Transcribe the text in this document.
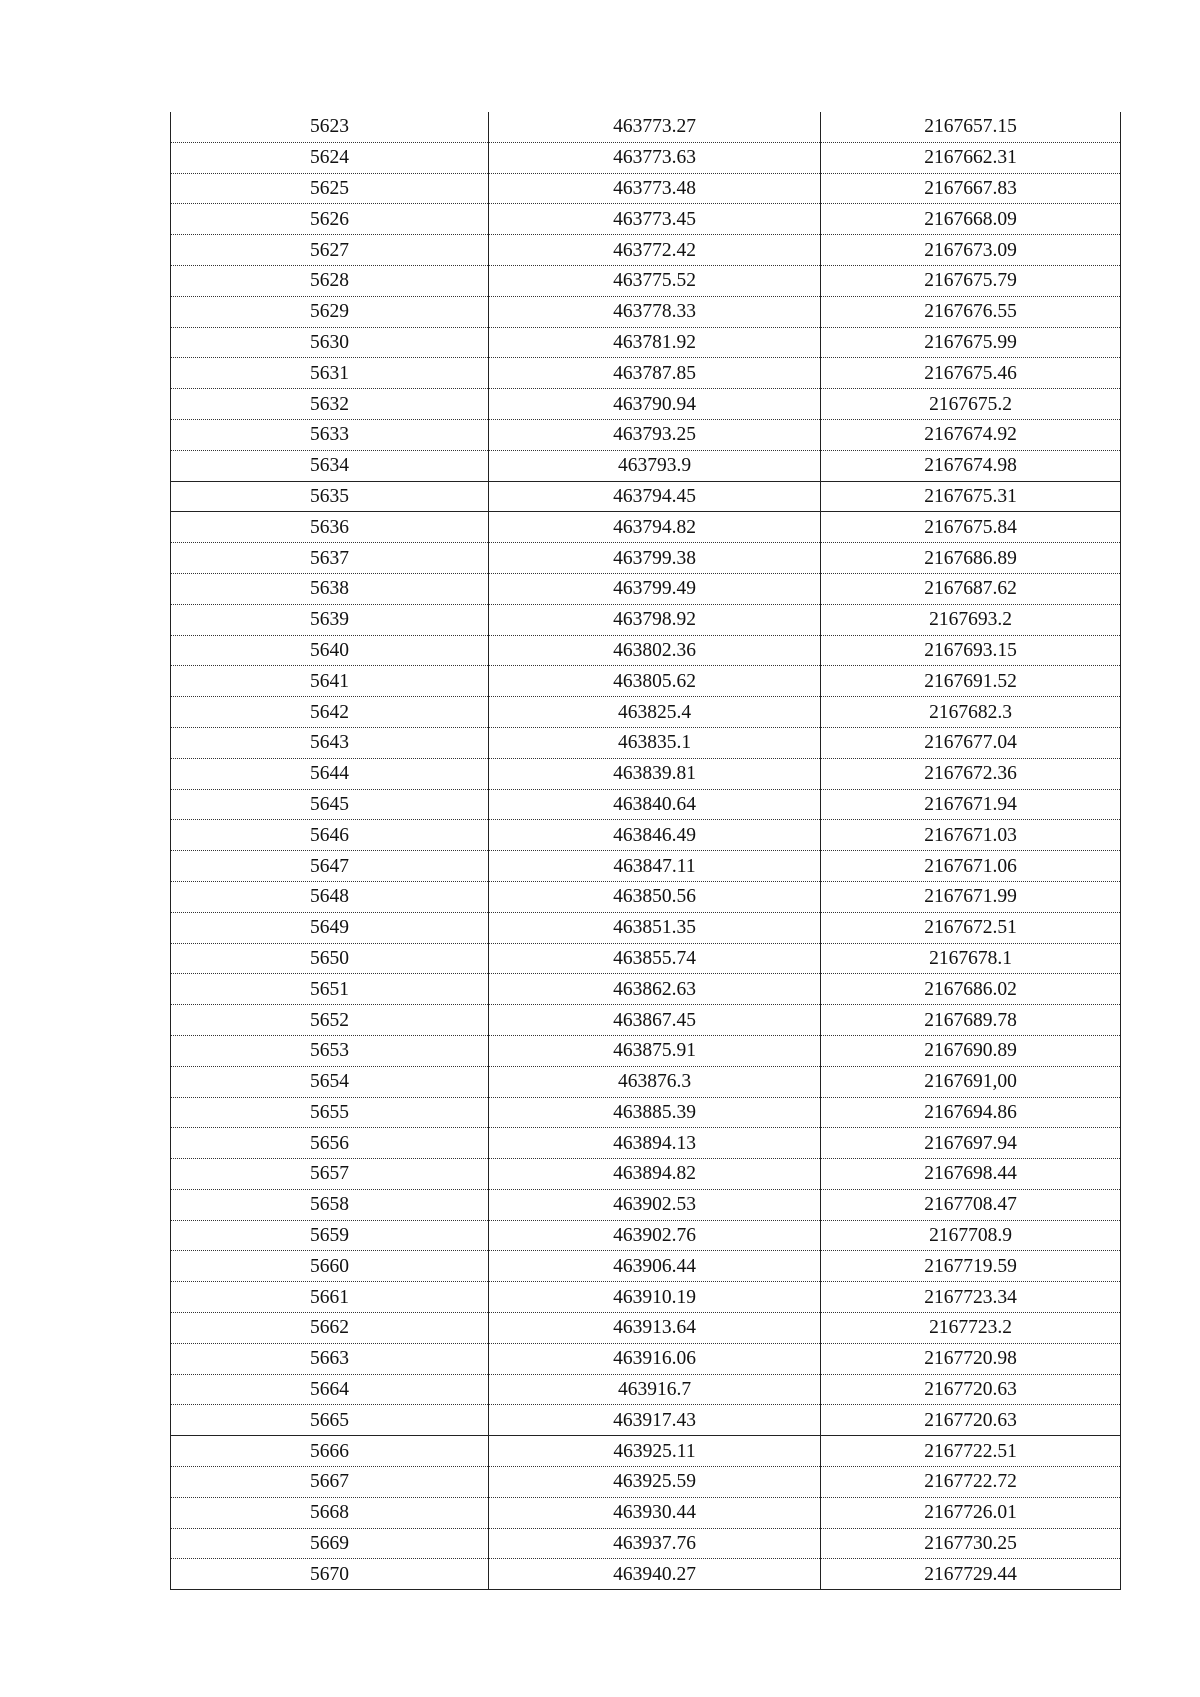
5623	463773.27	2167657.15
5624	463773.63	2167662.31
5625	463773.48	2167667.83
5626	463773.45	2167668.09
5627	463772.42	2167673.09
5628	463775.52	2167675.79
5629	463778.33	2167676.55
5630	463781.92	2167675.99
5631	463787.85	2167675.46
5632	463790.94	2167675.2
5633	463793.25	2167674.92
5634	463793.9	2167674.98
5635	463794.45	2167675.31
5636	463794.82	2167675.84
5637	463799.38	2167686.89
5638	463799.49	2167687.62
5639	463798.92	2167693.2
5640	463802.36	2167693.15
5641	463805.62	2167691.52
5642	463825.4	2167682.3
5643	463835.1	2167677.04
5644	463839.81	2167672.36
5645	463840.64	2167671.94
5646	463846.49	2167671.03
5647	463847.11	2167671.06
5648	463850.56	2167671.99
5649	463851.35	2167672.51
5650	463855.74	2167678.1
5651	463862.63	2167686.02
5652	463867.45	2167689.78
5653	463875.91	2167690.89
5654	463876.3	2167691,00
5655	463885.39	2167694.86
5656	463894.13	2167697.94
5657	463894.82	2167698.44
5658	463902.53	2167708.47
5659	463902.76	2167708.9
5660	463906.44	2167719.59
5661	463910.19	2167723.34
5662	463913.64	2167723.2
5663	463916.06	2167720.98
5664	463916.7	2167720.63
5665	463917.43	2167720.63
5666	463925.11	2167722.51
5667	463925.59	2167722.72
5668	463930.44	2167726.01
5669	463937.76	2167730.25
5670	463940.27	2167729.44
